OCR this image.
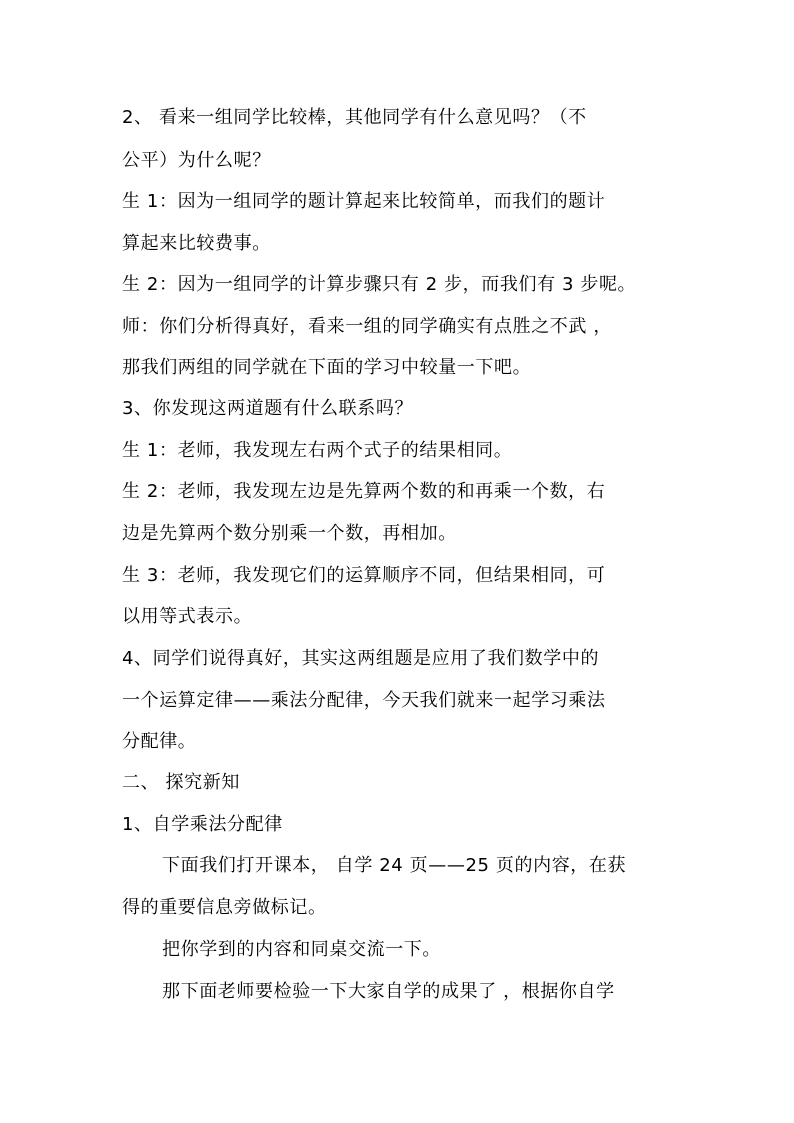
2、 看来一组同学比较棒，其他同学有什么意见吗？（不
公平）为什么呢？
生 1：因为一组同学的题计算起来比较简单，而我们的题计
算起来比较费事。
生 2：因为一组同学的计算步骤只有 2 步，而我们有 3 步呢。
师：你们分析得真好，看来一组的同学确实有点胜之不武 ，
那我们两组的同学就在下面的学习中较量一下吧。
3、你发现这两道题有什么联系吗？
生 1：老师，我发现左右两个式子的结果相同。
生 2：老师，我发现左边是先算两个数的和再乘一个数，右
边是先算两个数分别乘一个数，再相加。
生 3：老师，我发现它们的运算顺序不同，但结果相同，可
以用等式表示。
4、同学们说得真好，其实这两组题是应用了我们数学中的
一个运算定律——乘法分配律，今天我们就来一起学习乘法
分配律。
二、 探究新知
1、自学乘法分配律
下面我们打开课本， 自学 24 页——25 页的内容，在获
得的重要信息旁做标记。
把你学到的内容和同桌交流一下。
那下面老师要检验一下大家自学的成果了 ，根据你自学
